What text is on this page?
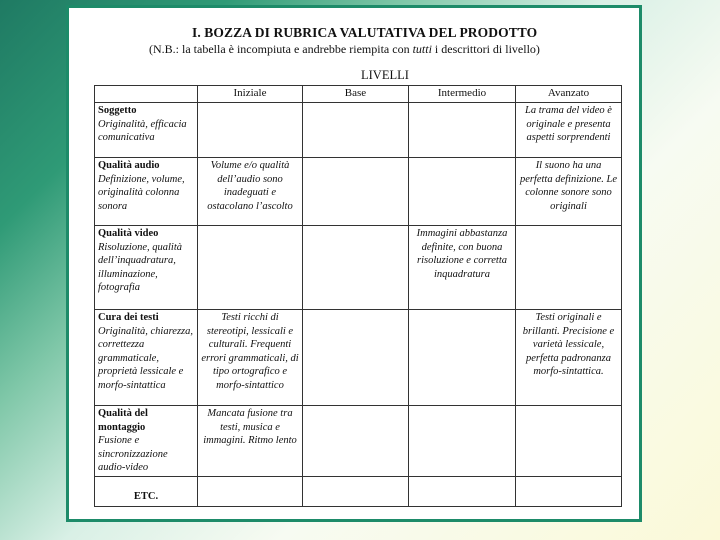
I. BOZZA DI RUBRICA VALUTATIVA DEL PRODOTTO
(N.B.: la tabella è incompiuta e andrebbe riempita con tutti i descrittori di livello)
LIVELLI
	Iniziale	Base	Intermedio	Avanzato

Soggetto
Originalità, efficacia comunicativa				La trama del video è originale e presenta aspetti sorprendenti

Qualità audio
Definizione, volume, originalità colonna sonora	Volume e/o qualità dell’audio sono inadeguati e ostacolano l’ascolto			Il suono ha una perfetta definizione. Le colonne sonore sono originali

Qualità video
Risoluzione, qualità dell’inquadratura, illuminazione, fotografia			Immagini abbastanza definite, con buona risoluzione e corretta inquadratura	

Cura dei testi
Originalità, chiarezza, correttezza grammaticale, proprietà lessicale e morfo-sintattica	Testi ricchi di stereotipi, lessicali e culturali. Frequenti errori grammaticali, di tipo ortografico e morfo-sintattico			Testi originali e brillanti. Precisione e varietà lessicale, perfetta padronanza morfo-sintattica.

Qualità del montaggio
Fusione e sincronizzazione audio-video	Mancata fusione tra testi, musica e immagini. Ritmo lento			

ETC.				
